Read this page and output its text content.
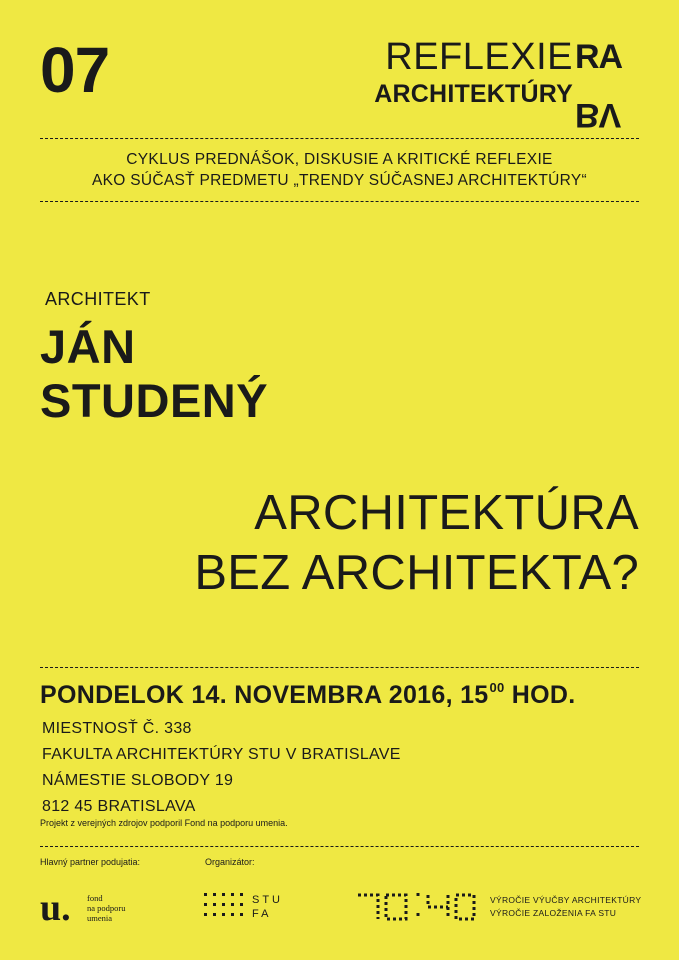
07	REFLEXIE
ARCHITEKTÚRY
RA
BV
CYKLUS PREDNÁŠOK, DISKUSIE A KRITICKÉ REFLEXIE
AKO SÚČASŤ PREDMETU „TRENDY SÚČASNEJ ARCHITEKTÚRY“
ARCHITEKT
JÁN
STUDENÝ
ARCHITEKTÚRA
BEZ ARCHITEKTA?
PONDELOK 14. NOVEMBRA 2016, $15^{00}$ HOD.
MIESTNOSŤ Č. 338
FAKULTA ARCHITEKTÚRY STU V BRATISLAVE
NÁMESTIE SLOBODY 19
812 45 BRATISLAVA
Projekt z verejných zdrojov podporil Fond na podporu umenia.
Hlavný partner podujatia:	Organizátor:
u. fond
na podporu
umenia
STU
FA
VÝROČIE VÝUČBY ARCHITEKTÚRY
VÝROČIE ZALOŽENIA FA STU
